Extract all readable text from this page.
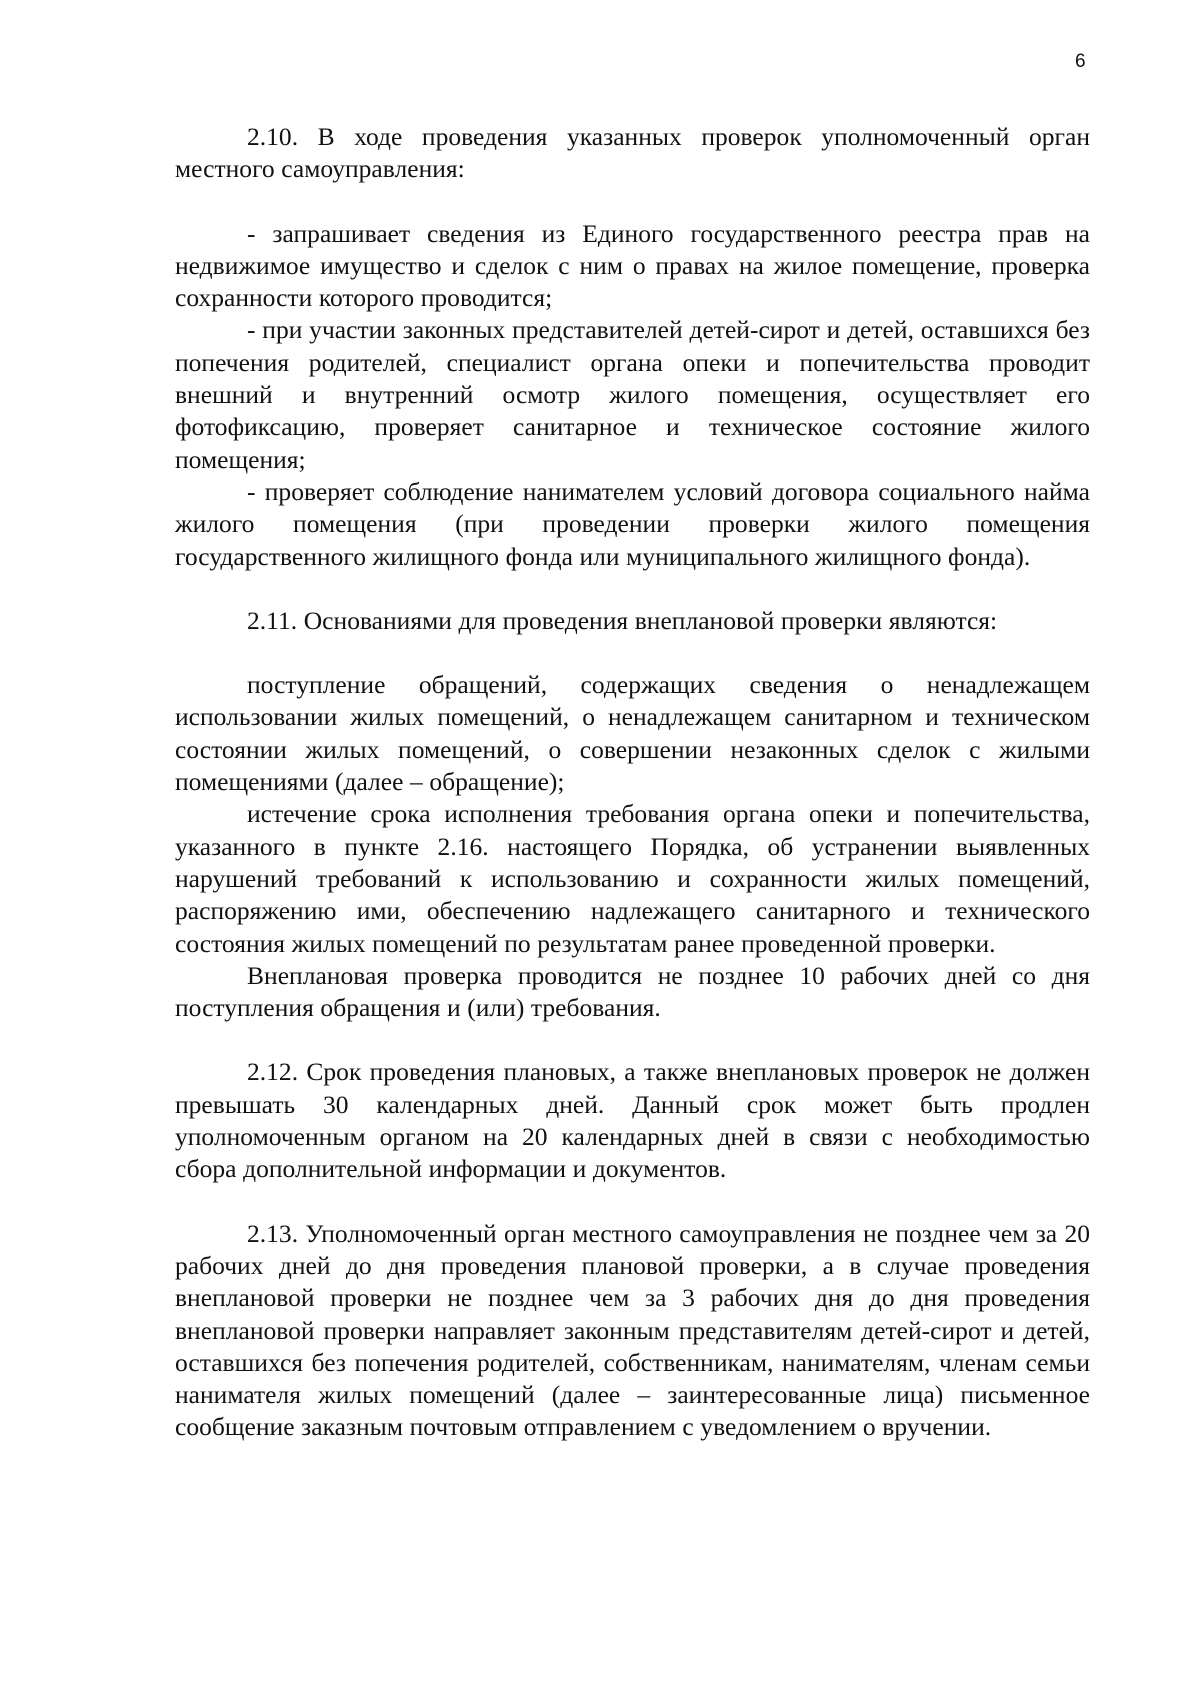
6

2.10. В ходе проведения указанных проверок уполномоченный орган местного самоуправления:

- запрашивает сведения из Единого государственного реестра прав на недвижимое имущество и сделок с ним о правах на жилое помещение, проверка сохранности которого проводится;

- при участии законных представителей детей-сирот и детей, оставшихся без попечения родителей, специалист органа опеки и попечительства проводит внешний и внутренний осмотр жилого помещения, осуществляет его фотофиксацию, проверяет санитарное и техническое состояние жилого помещения;

- проверяет соблюдение нанимателем условий договора социального найма жилого помещения (при проведении проверки жилого помещения государственного жилищного фонда или муниципального жилищного фонда).

2.11. Основаниями для проведения внеплановой проверки являются:

поступление обращений, содержащих сведения о ненадлежащем использовании жилых помещений, о ненадлежащем санитарном и техническом состоянии жилых помещений, о совершении незаконных сделок с жилыми помещениями (далее – обращение);

истечение срока исполнения требования органа опеки и попечительства, указанного в пункте 2.16. настоящего Порядка, об устранении выявленных нарушений требований к использованию и сохранности жилых помещений, распоряжению ими, обеспечению надлежащего санитарного и технического состояния жилых помещений по результатам ранее проведенной проверки.

Внеплановая проверка проводится не позднее 10 рабочих дней со дня поступления обращения и (или) требования.

2.12. Срок проведения плановых, а также внеплановых проверок не должен превышать 30 календарных дней. Данный срок может быть продлен уполномоченным органом на 20 календарных дней в связи с необходимостью сбора дополнительной информации и документов.

2.13. Уполномоченный орган местного самоуправления не позднее чем за 20 рабочих дней до дня проведения плановой проверки, а в случае проведения внеплановой проверки не позднее чем за 3 рабочих дня до дня проведения внеплановой проверки направляет законным представителям детей-сирот и детей, оставшихся без попечения родителей, собственникам, нанимателям, членам семьи нанимателя жилых помещений (далее – заинтересованные лица) письменное сообщение заказным почтовым отправлением с уведомлением о вручении.
